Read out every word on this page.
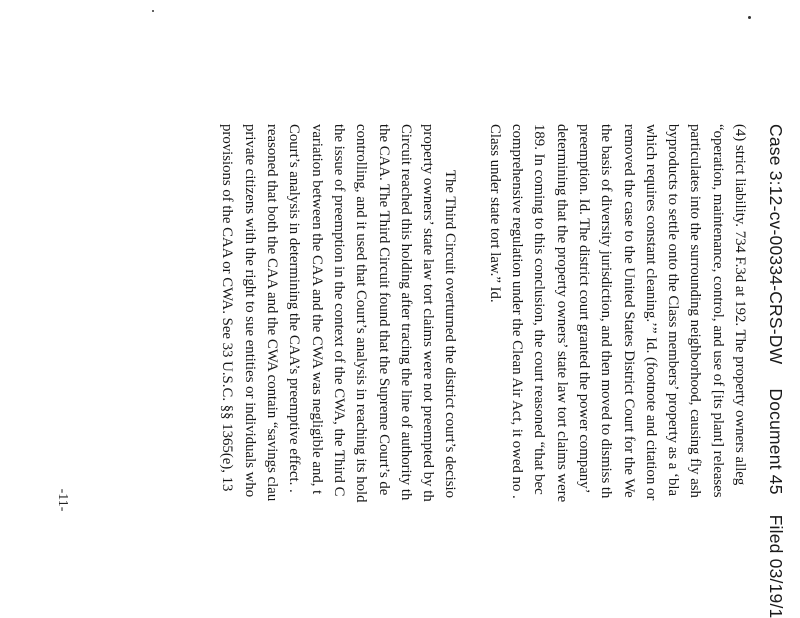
Case 3:12-cv-00334-CRS-DWDocument 45Filed 03/19/1
(4) strict liability. 734 F.3d at 192. The property owners alleg
“operation, maintenance, control, and use of [its plant] releases
particulates into the surrounding neighborhood, causing fly ash
byproducts to settle onto the Class members’ property as a ‘bla
which requires constant cleaning.’” Id. (footnote and citation or
removed the case to the United States District Court for the We
the basis of diversity jurisdiction, and then moved to dismiss th
preemption. Id. The district court granted the power company’
determining that the property owners’ state law tort claims were
189. In coming to this conclusion, the court reasoned “that bec
comprehensive regulation under the Clean Air Act, it owed no .
Class under state tort law.” Id.
The Third Circuit overturned the district court’s decisio
property owners’ state law tort claims were not preempted by th
Circuit reached this holding after tracing the line of authority th
the CAA. The Third Circuit found that the Supreme Court’s de
controlling, and it used that Court’s analysis in reaching its hold
the issue of preemption in the context of the CWA, the Third C
variation between the CAA and the CWA was negligible and, t
Court’s analysis in determining the CAA’s preemptive effect. .
reasoned that both the CAA and the CWA contain “savings clau
private citizens with the right to sue entities or individuals who
provisions of the CAA or CWA. See 33 U.S.C. §§ 1365(e), 13
-11-
